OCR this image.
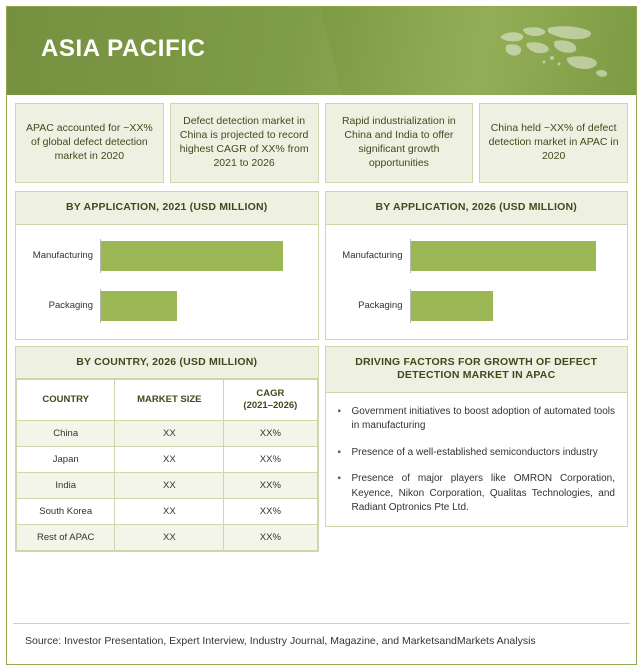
ASIA PACIFIC
APAC accounted for ~XX% of global defect detection market in 2020
Defect detection market in China is projected to record highest CAGR of XX% from 2021 to 2026
Rapid industrialization in China and India to offer significant growth opportunities
China held ~XX% of defect detection market in APAC in 2020
BY APPLICATION, 2021 (USD MILLION)
Manufacturing
Packaging
BY COUNTRY, 2026 (USD MILLION)
COUNTRY	MARKET SIZE	CAGR
(2021–2026)
China	XX	XX%
Japan	XX	XX%
India	XX	XX%
South Korea	XX	XX%
Rest of APAC	XX	XX%
BY APPLICATION, 2026 (USD MILLION)
Manufacturing
Packaging
DRIVING FACTORS FOR GROWTH OF DEFECT DETECTION MARKET IN APAC
▪	Government initiatives to boost adoption of automated tools in manufacturing
▪	Presence of a well-established semiconductors industry
▪	Presence of major players like OMRON Corporation, Keyence, Nikon Corporation, Qualitas Technologies, and Radiant Optronics Pte Ltd.
Source: Investor Presentation, Expert Interview, Industry Journal, Magazine, and MarketsandMarkets Analysis
